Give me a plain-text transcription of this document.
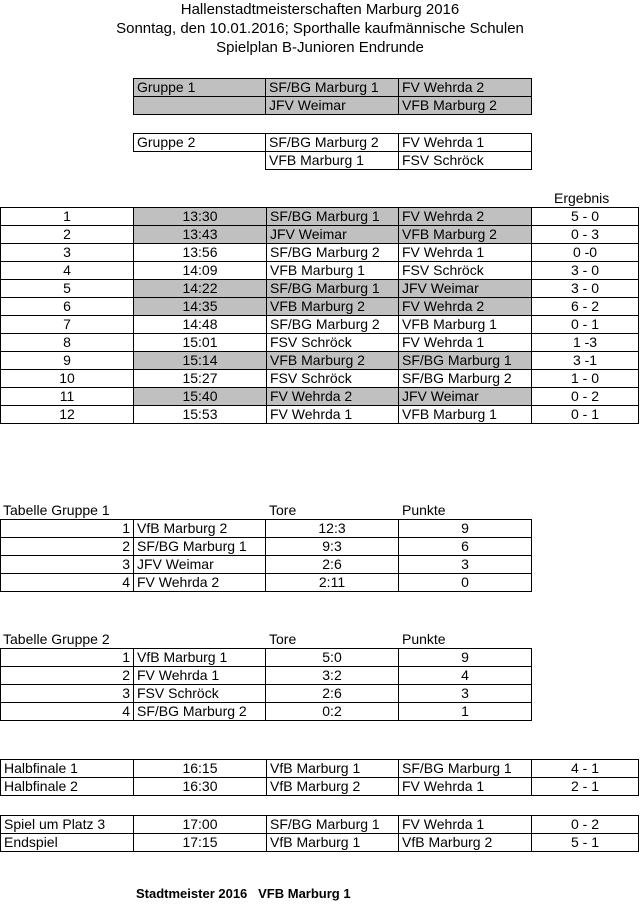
Hallenstadtmeisterschaften Marburg 2016
Sonntag, den 10.01.2016; Sporthalle kaufmännische Schulen
Spielplan B-Junioren Endrunde
Gruppe 1	SF/BG Marburg 1	FV Wehrda 2
	JFV Weimar	VFB Marburg 2
Gruppe 2	SF/BG Marburg 2	FV Wehrda 1
	VFB Marburg 1	FSV Schröck
Ergebnis
1	13:30	SF/BG Marburg 1	FV Wehrda 2	5 - 0
2	13:43	JFV Weimar	VFB Marburg 2	0 - 3
3	13:56	SF/BG Marburg 2	FV Wehrda 1	0 -0
4	14:09	VFB Marburg 1	FSV Schröck	3 - 0
5	14:22	SF/BG Marburg 1	JFV Weimar	3 - 0
6	14:35	VFB Marburg 2	FV Wehrda 2	6 - 2
7	14:48	SF/BG Marburg 2	VFB Marburg 1	0 - 1
8	15:01	FSV Schröck	FV Wehrda 1	1 -3
9	15:14	VFB Marburg 2	SF/BG Marburg 1	3 -1
10	15:27	FSV Schröck	SF/BG Marburg 2	1 - 0
11	15:40	FV Wehrda 2	JFV Weimar	0 - 2
12	15:53	FV Wehrda 1	VFB Marburg 1	0 - 1
Tabelle Gruppe 1	Tore	Punkte
1	VfB Marburg 2	12:3	9
2	SF/BG Marburg 1	9:3	6
3	JFV Weimar	2:6	3
4	FV Wehrda 2	2:11	0
Tabelle Gruppe 2	Tore	Punkte
1	VfB Marburg 1	5:0	9
2	FV Wehrda 1	3:2	4
3	FSV Schröck	2:6	3
4	SF/BG Marburg 2	0:2	1
Halbfinale 1	16:15	VfB Marburg 1	SF/BG Marburg 1	4 - 1
Halbfinale 2	16:30	VfB Marburg 2	FV Wehrda 1	2 - 1
Spiel um Platz 3	17:00	SF/BG Marburg 1	FV Wehrda 1	0 - 2
Endspiel	17:15	VfB Marburg 1	VfB Marburg 2	5 - 1
Stadtmeister 2016 VFB Marburg 1
